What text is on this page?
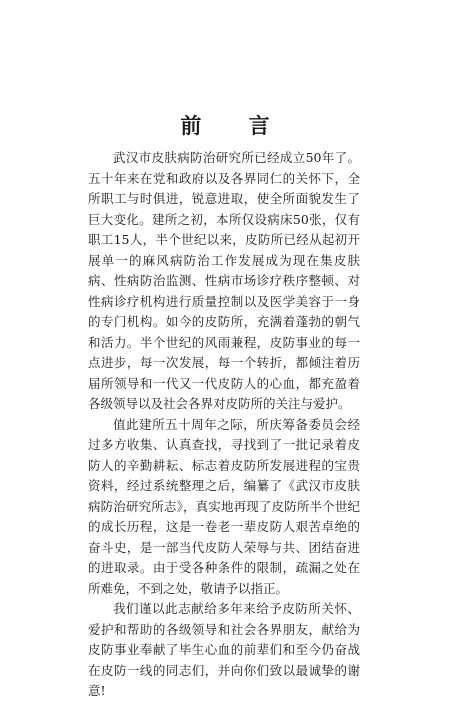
前 言

武汉市皮肤病防治研究所已经成立50年了。五十年来在党和政府以及各界同仁的关怀下，全所职工与时俱进，锐意进取，使全所面貌发生了巨大变化。建所之初，本所仅设病床50张，仅有职工15人，半个世纪以来，皮防所已经从起初开展单一的麻风病防治工作发展成为现在集皮肤病、性病防治监测、性病市场诊疗秩序整顿、对性病诊疗机构进行质量控制以及医学美容于一身的专门机构。如今的皮防所，充满着蓬勃的朝气和活力。半个世纪的风雨兼程，皮防事业的每一点进步，每一次发展，每一个转折，都倾注着历届所领导和一代又一代皮防人的心血，都充盈着各级领导以及社会各界对皮防所的关注与爱护。

值此建所五十周年之际，所庆筹备委员会经过多方收集、认真查找，寻找到了一批记录着皮防人的辛勤耕耘、标志着皮防所发展进程的宝贵资料，经过系统整理之后，编纂了《武汉市皮肤病防治研究所志》，真实地再现了皮防所半个世纪的成长历程，这是一卷老一辈皮防人艰苦卓绝的奋斗史，是一部当代皮防人荣辱与共、团结奋进的进取录。由于受各种条件的限制，疏漏之处在所难免，不到之处，敬请予以指正。

我们谨以此志献给多年来给予皮防所关怀、爱护和帮助的各级领导和社会各界朋友，献给为皮防事业奉献了毕生心血的前辈们和至今仍奋战在皮防一线的同志们，并向你们致以最诚挚的谢意!
